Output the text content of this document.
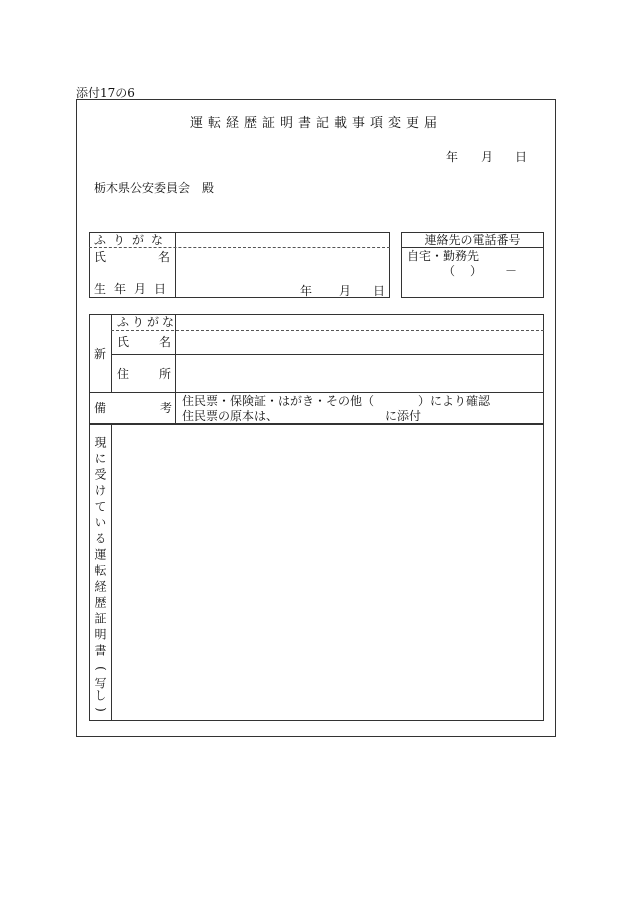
添付17の6
運転経歴証明書記載事項変更届
年 月 日
栃木県公安委員会　殿
ふりがな
氏名
生年月日	年 月 日
連絡先の電話番号
自宅・勤務先
（ ） －
新
ふりがな
氏名
住所
備考
住民票・保険証・はがき・その他（	）により確認
住民票の原本は、	に添付
現に受けている運転経歴証明書
(
写し
)
